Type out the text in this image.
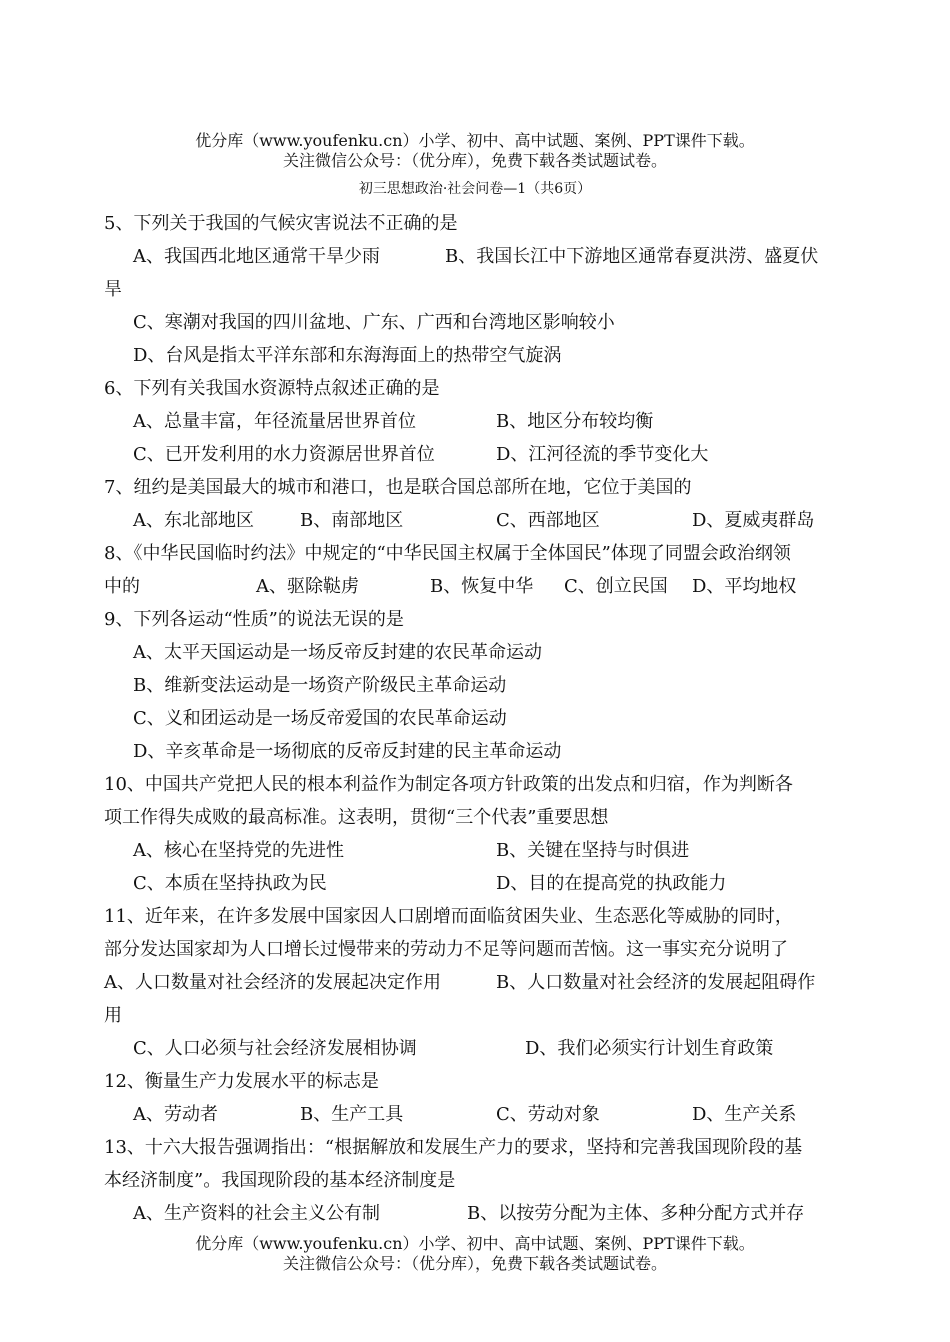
优分库（www.youfenku.cn）小学、初中、高中试题、案例、PPT课件下载。
关注微信公众号：（优分库），免费下载各类试题试卷。
初三思想政治·社会问卷—1（共6页）
5、下列关于我国的气候灾害说法不正确的是
A、我国西北地区通常干旱少雨	B、我国长江中下游地区通常春夏洪涝、盛夏伏
旱
C、寒潮对我国的四川盆地、广东、广西和台湾地区影响较小
D、台风是指太平洋东部和东海海面上的热带空气旋涡
6、下列有关我国水资源特点叙述正确的是
A、总量丰富，年径流量居世界首位	B、地区分布较均衡
C、已开发利用的水力资源居世界首位	D、江河径流的季节变化大
7、纽约是美国最大的城市和港口，也是联合国总部所在地，它位于美国的
A、东北部地区	B、南部地区	C、西部地区	D、夏威夷群岛
8、《中华民国临时约法》中规定的“中华民国主权属于全体国民”体现了同盟会政治纲领
中的	A、驱除鞑虏	B、恢复中华 C、创立民国 D、平均地权
9、下列各运动“性质”的说法无误的是
A、太平天国运动是一场反帝反封建的农民革命运动
B、维新变法运动是一场资产阶级民主革命运动
C、义和团运动是一场反帝爱国的农民革命运动
D、辛亥革命是一场彻底的反帝反封建的民主革命运动
10、中国共产党把人民的根本利益作为制定各项方针政策的出发点和归宿，作为判断各
项工作得失成败的最高标准。这表明，贯彻“三个代表”重要思想
A、核心在坚持党的先进性	B、关键在坚持与时俱进
C、本质在坚持执政为民	D、目的在提高党的执政能力
11、近年来，在许多发展中国家因人口剧增而面临贫困失业、生态恶化等威胁的同时，
部分发达国家却为人口增长过慢带来的劳动力不足等问题而苦恼。这一事实充分说明了
A、人口数量对社会经济的发展起决定作用	B、人口数量对社会经济的发展起阻碍作
用
C、人口必须与社会经济发展相协调	D、我们必须实行计划生育政策
12、衡量生产力发展水平的标志是
A、劳动者	B、生产工具	C、劳动对象	D、生产关系
13、十六大报告强调指出：“根据解放和发展生产力的要求，坚持和完善我国现阶段的基
本经济制度”。我国现阶段的基本经济制度是
A、生产资料的社会主义公有制	B、以按劳分配为主体、多种分配方式并存
优分库（www.youfenku.cn）小学、初中、高中试题、案例、PPT课件下载。
关注微信公众号：（优分库），免费下载各类试题试卷。
